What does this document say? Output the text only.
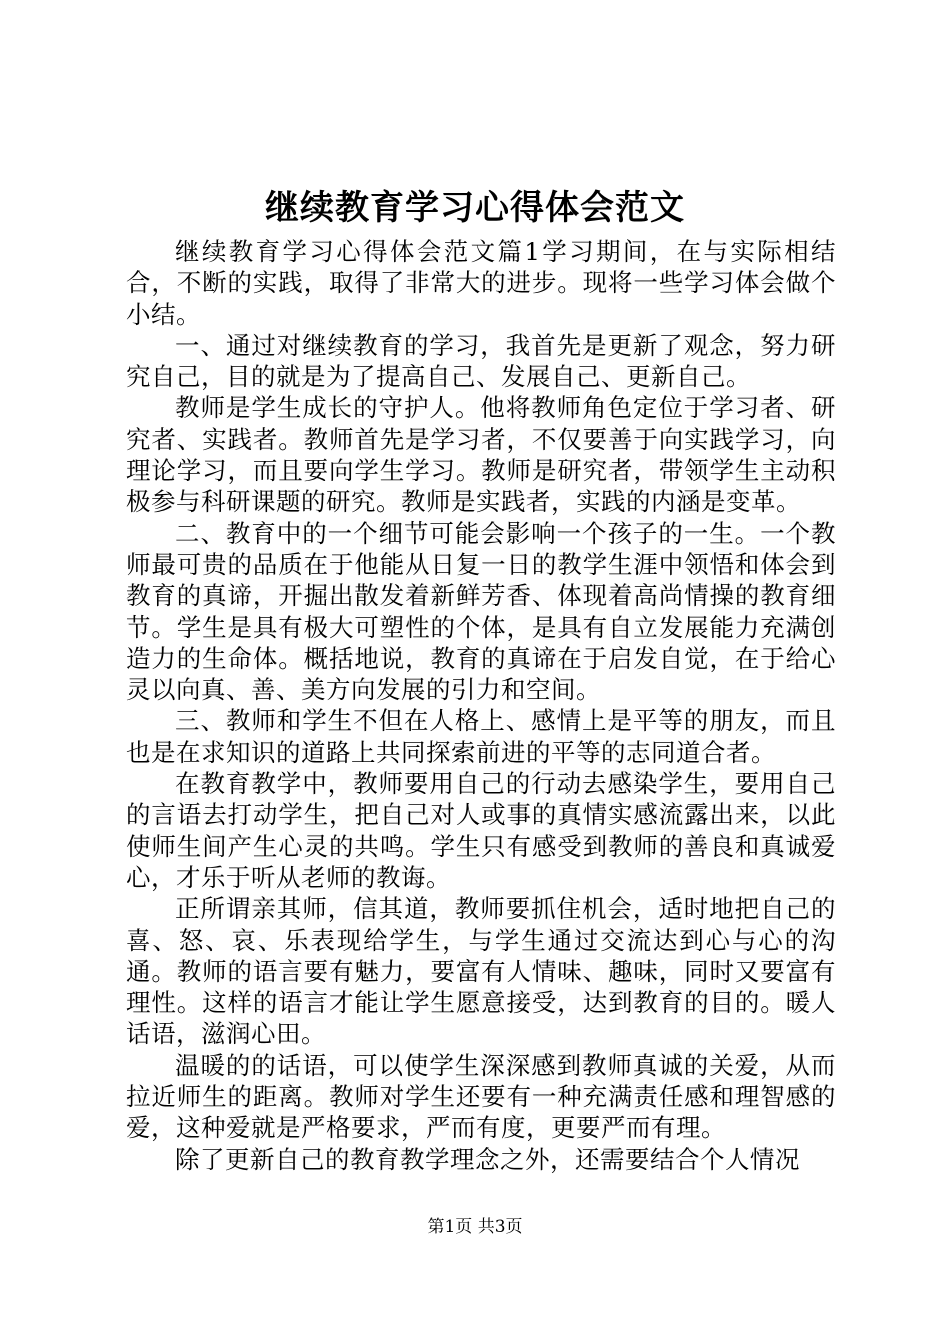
继续教育学习心得体会范文

继续教育学习心得体会范文篇1学习期间，在与实际相结合，不断的实践，取得了非常大的进步。现将一些学习体会做个小结。

一、通过对继续教育的学习，我首先是更新了观念，努力研究自己，目的就是为了提高自己、发展自己、更新自己。

教师是学生成长的守护人。他将教师角色定位于学习者、研究者、实践者。教师首先是学习者，不仅要善于向实践学习，向理论学习，而且要向学生学习。教师是研究者，带领学生主动积极参与科研课题的研究。教师是实践者，实践的内涵是变革。

二、教育中的一个细节可能会影响一个孩子的一生。一个教师最可贵的品质在于他能从日复一日的教学生涯中领悟和体会到教育的真谛，开掘出散发着新鲜芳香、体现着高尚情操的教育细节。学生是具有极大可塑性的个体，是具有自立发展能力充满创造力的生命体。概括地说，教育的真谛在于启发自觉，在于给心灵以向真、善、美方向发展的引力和空间。

三、教师和学生不但在人格上、感情上是平等的朋友，而且也是在求知识的道路上共同探索前进的平等的志同道合者。

在教育教学中，教师要用自己的行动去感染学生，要用自己的言语去打动学生，把自己对人或事的真情实感流露出来，以此使师生间产生心灵的共鸣。学生只有感受到教师的善良和真诚爱心，才乐于听从老师的教诲。

正所谓亲其师，信其道，教师要抓住机会，适时地把自己的喜、怒、哀、乐表现给学生，与学生通过交流达到心与心的沟通。教师的语言要有魅力，要富有人情味、趣味，同时又要富有理性。这样的语言才能让学生愿意接受，达到教育的目的。暖人话语，滋润心田。

温暖的的话语，可以使学生深深感到教师真诚的关爱，从而拉近师生的距离。教师对学生还要有一种充满责任感和理智感的爱，这种爱就是严格要求，严而有度，更要严而有理。

除了更新自己的教育教学理念之外，还需要结合个人情况

第1页 共3页
